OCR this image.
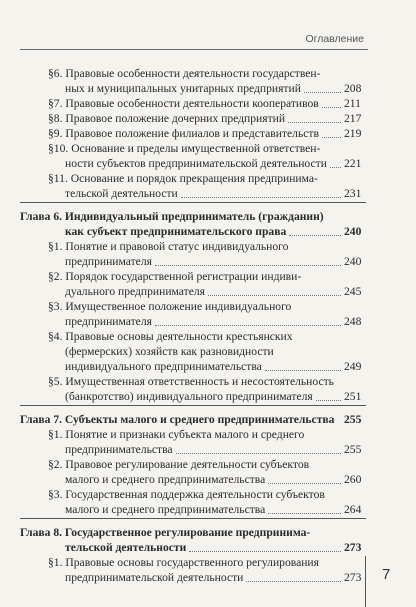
Оглавление
§6. Правовые особенности деятельности государствен-
ных и муниципальных унитарных предприятий	208
§7. Правовые особенности деятельности кооперативов 211
§8. Правовое положение дочерних предприятий	217
§9. Правовое положение филиалов и представительств 219
§10. Основание и пределы имущественной ответствен-
ности субъектов предпринимательской деятельности 221
§11. Основание и порядок прекращения предпринима-
тельской деятельности	231
Глава 6. Индивидуальный предприниматель (гражданин)
как субъект предпринимательского права	240
§1. Понятие и правовой статус индивидуального
предпринимателя	240
§2. Порядок государственной регистрации индиви-
дуального предпринимателя	245
§3. Имущественное положение индивидуального
предпринимателя	248
§4. Правовые основы деятельности крестьянских
(фермерских) хозяйств как разновидности
индивидуального предпринимательства	249
§5. Имущественная ответственность и несостоятельность
(банкротство) индивидуального предпринимателя	251
Глава 7. Субъекты малого и среднего предпринимательства 255
§1. Понятие и признаки субъекта малого и среднего
предпринимательства	255
§2. Правовое регулирование деятельности субъектов
малого и среднего предпринимательства	260
§3. Государственная поддержка деятельности субъектов
малого и среднего предпринимательства	264
Глава 8. Государственное регулирование предпринима-
тельской деятельности	273
§1. Правовые основы государственного регулирования
предпринимательской деятельности	273 7
